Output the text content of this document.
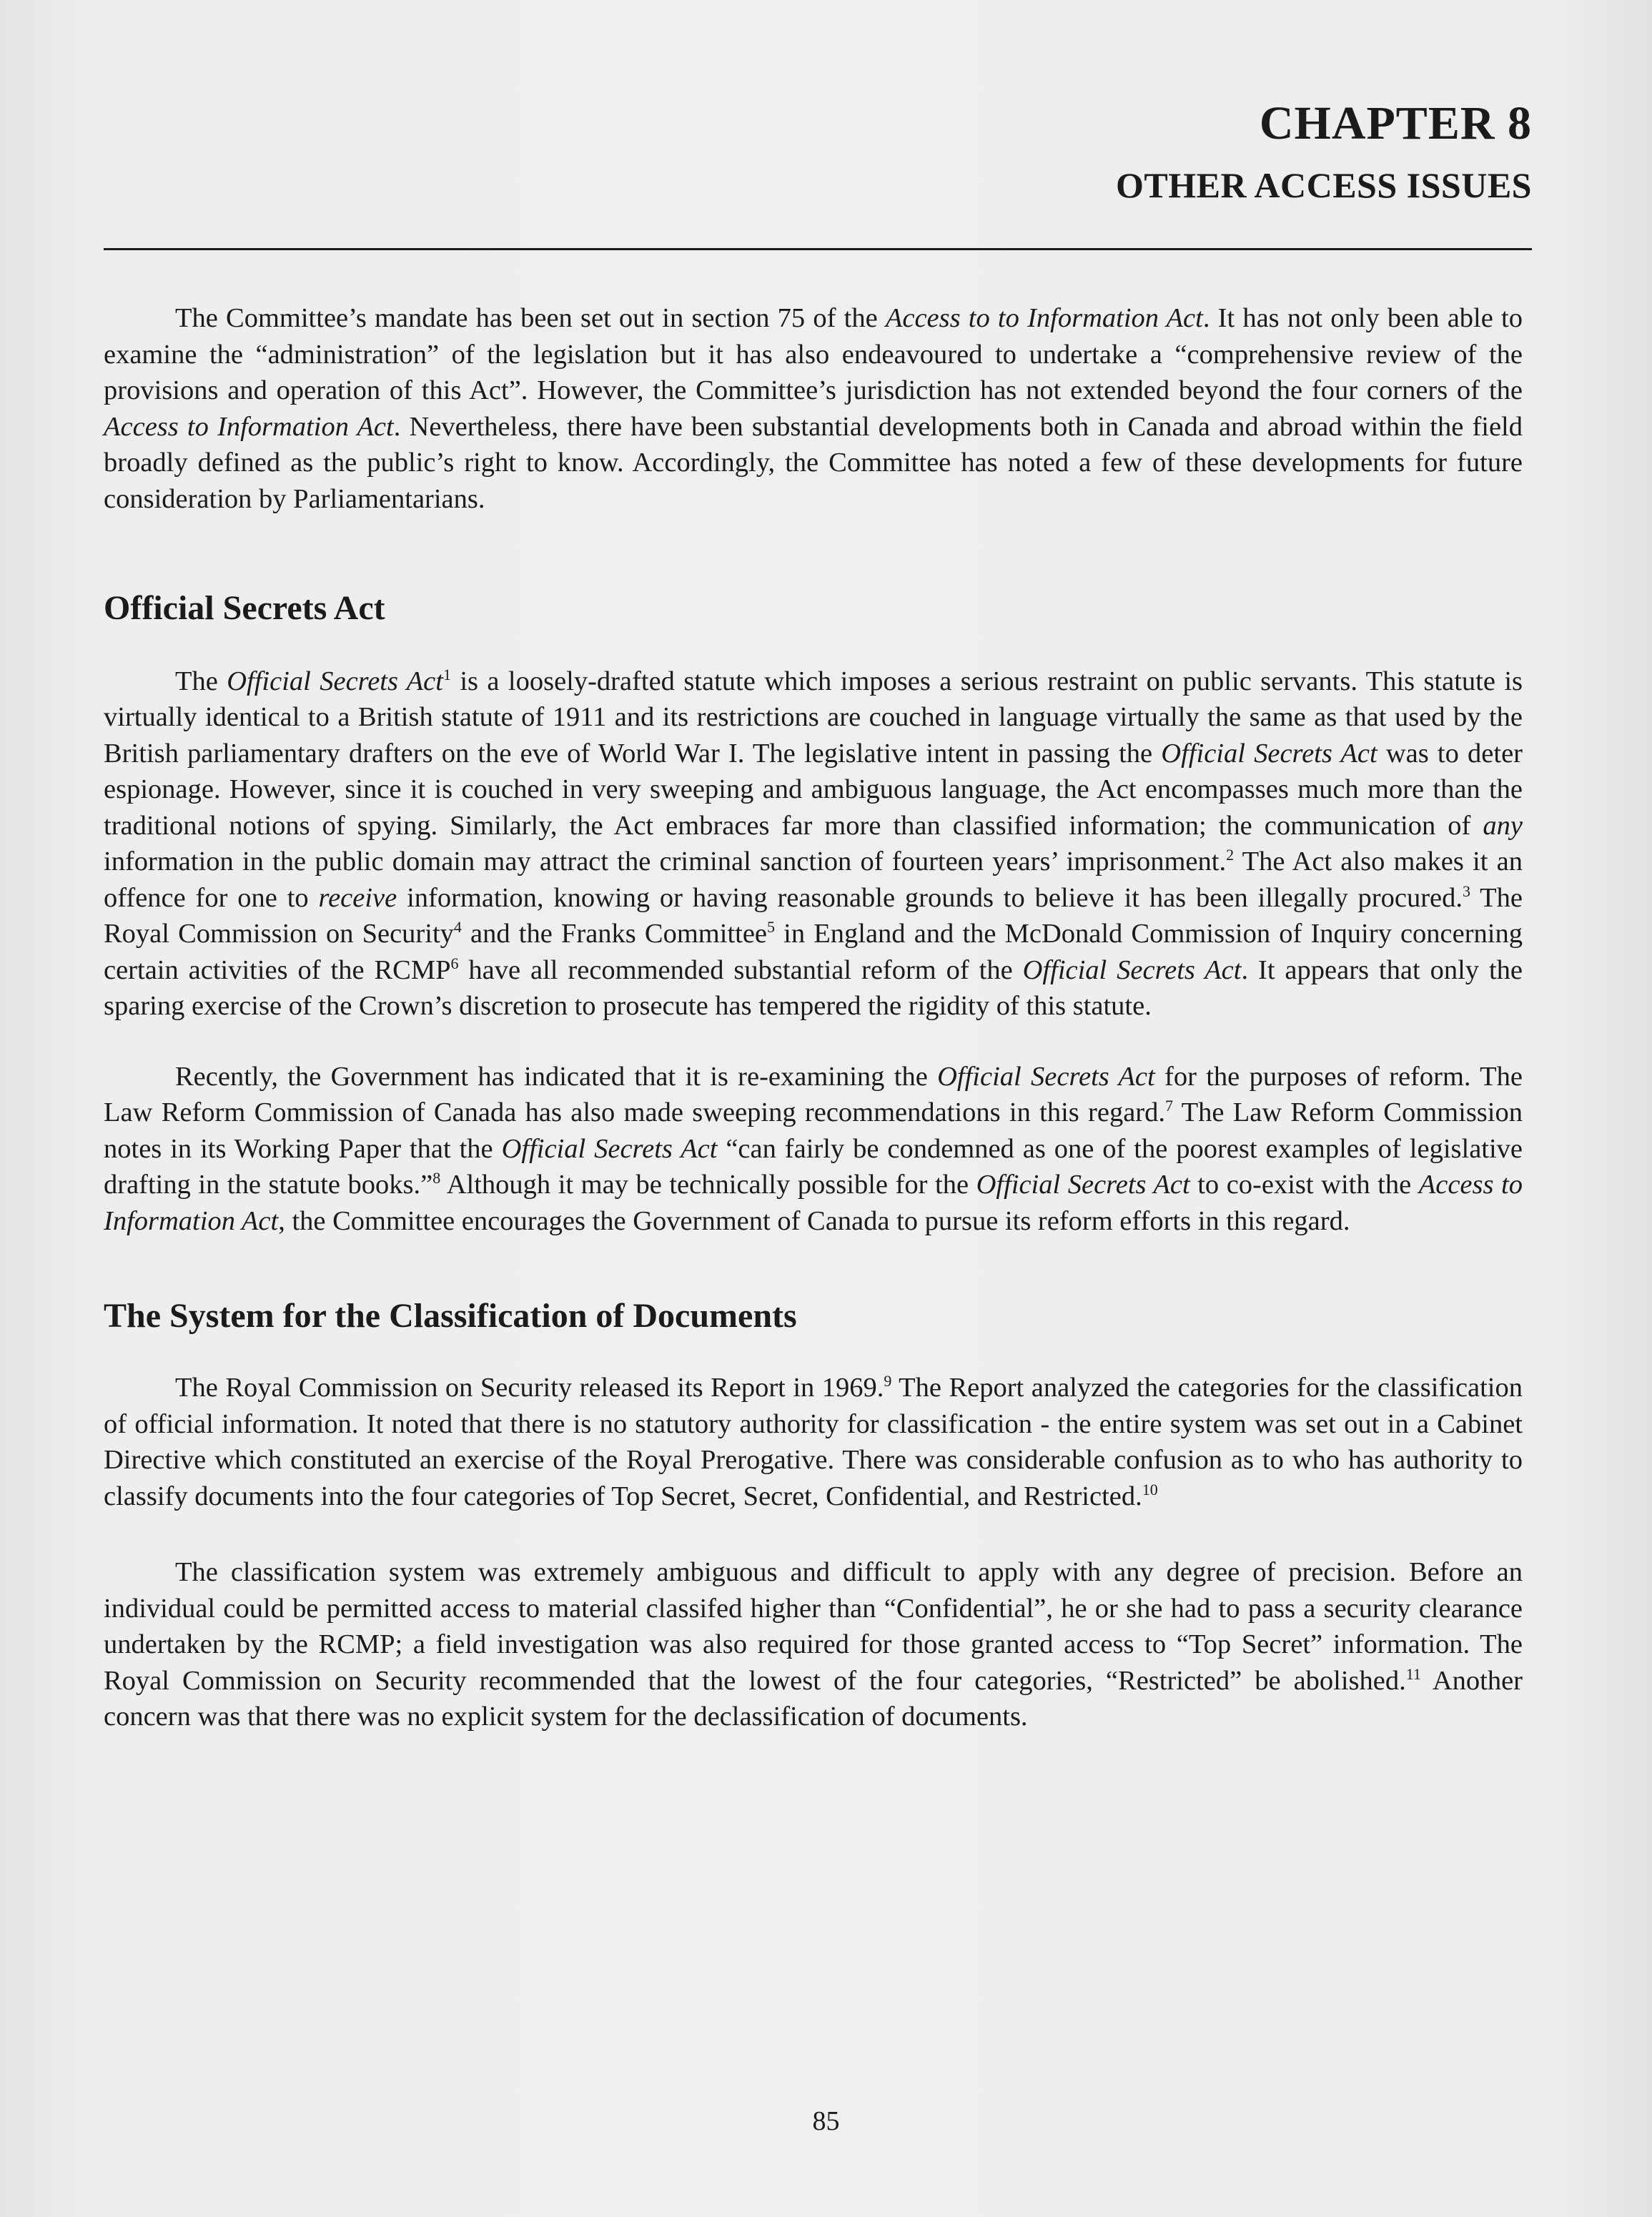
CHAPTER 8
OTHER ACCESS ISSUES

The Committee’s mandate has been set out in section 75 of the Access to to Information Act. It has not only been able to examine the “administration” of the legislation but it has also endeavoured to undertake a “comprehensive review of the provisions and operation of this Act”. However, the Committee’s jurisdiction has not extended beyond the four corners of the Access to Information Act. Nevertheless, there have been substantial developments both in Canada and abroad within the field broadly defined as the public’s right to know. Accordingly, the Committee has noted a few of these developments for future consideration by Parliamentarians.

Official Secrets Act

The Official Secrets Act$^1$ is a loosely-drafted statute which imposes a serious restraint on public servants. This statute is virtually identical to a British statute of 1911 and its restrictions are couched in language virtually the same as that used by the British parliamentary drafters on the eve of World War I. The legislative intent in passing the Official Secrets Act was to deter espionage. However, since it is couched in very sweeping and ambiguous language, the Act encompasses much more than the traditional notions of spying. Similarly, the Act embraces far more than classified information; the communication of any information in the public domain may attract the criminal sanction of fourteen years’ imprisonment.$^2$ The Act also makes it an offence for one to receive information, knowing or having reasonable grounds to believe it has been illegally procured.$^3$ The Royal Commission on Security$^4$ and the Franks Committee$^5$ in England and the McDonald Commission of Inquiry concerning certain activities of the RCMP$^6$ have all recommended substantial reform of the Official Secrets Act. It appears that only the sparing exercise of the Crown’s discretion to prosecute has tempered the rigidity of this statute.

Recently, the Government has indicated that it is re-examining the Official Secrets Act for the purposes of reform. The Law Reform Commission of Canada has also made sweeping recommendations in this regard.$^7$ The Law Reform Commission notes in its Working Paper that the Official Secrets Act “can fairly be condemned as one of the poorest examples of legislative drafting in the statute books.”$^8$ Although it may be technically possible for the Official Secrets Act to co-exist with the Access to Information Act, the Committee encourages the Government of Canada to pursue its reform efforts in this regard.

The System for the Classification of Documents

The Royal Commission on Security released its Report in 1969.$^9$ The Report analyzed the categories for the classification of official information. It noted that there is no statutory authority for classification - the entire system was set out in a Cabinet Directive which constituted an exercise of the Royal Prerogative. There was considerable confusion as to who has authority to classify documents into the four categories of Top Secret, Secret, Confidential, and Restricted.$^{10}$

The classification system was extremely ambiguous and difficult to apply with any degree of precision. Before an individual could be permitted access to material classifed higher than “Confidential”, he or she had to pass a security clearance undertaken by the RCMP; a field investigation was also required for those granted access to “Top Secret” information. The Royal Commission on Security recommended that the lowest of the four categories, “Restricted” be abolished.$^{11}$ Another concern was that there was no explicit system for the declassification of documents.

85
